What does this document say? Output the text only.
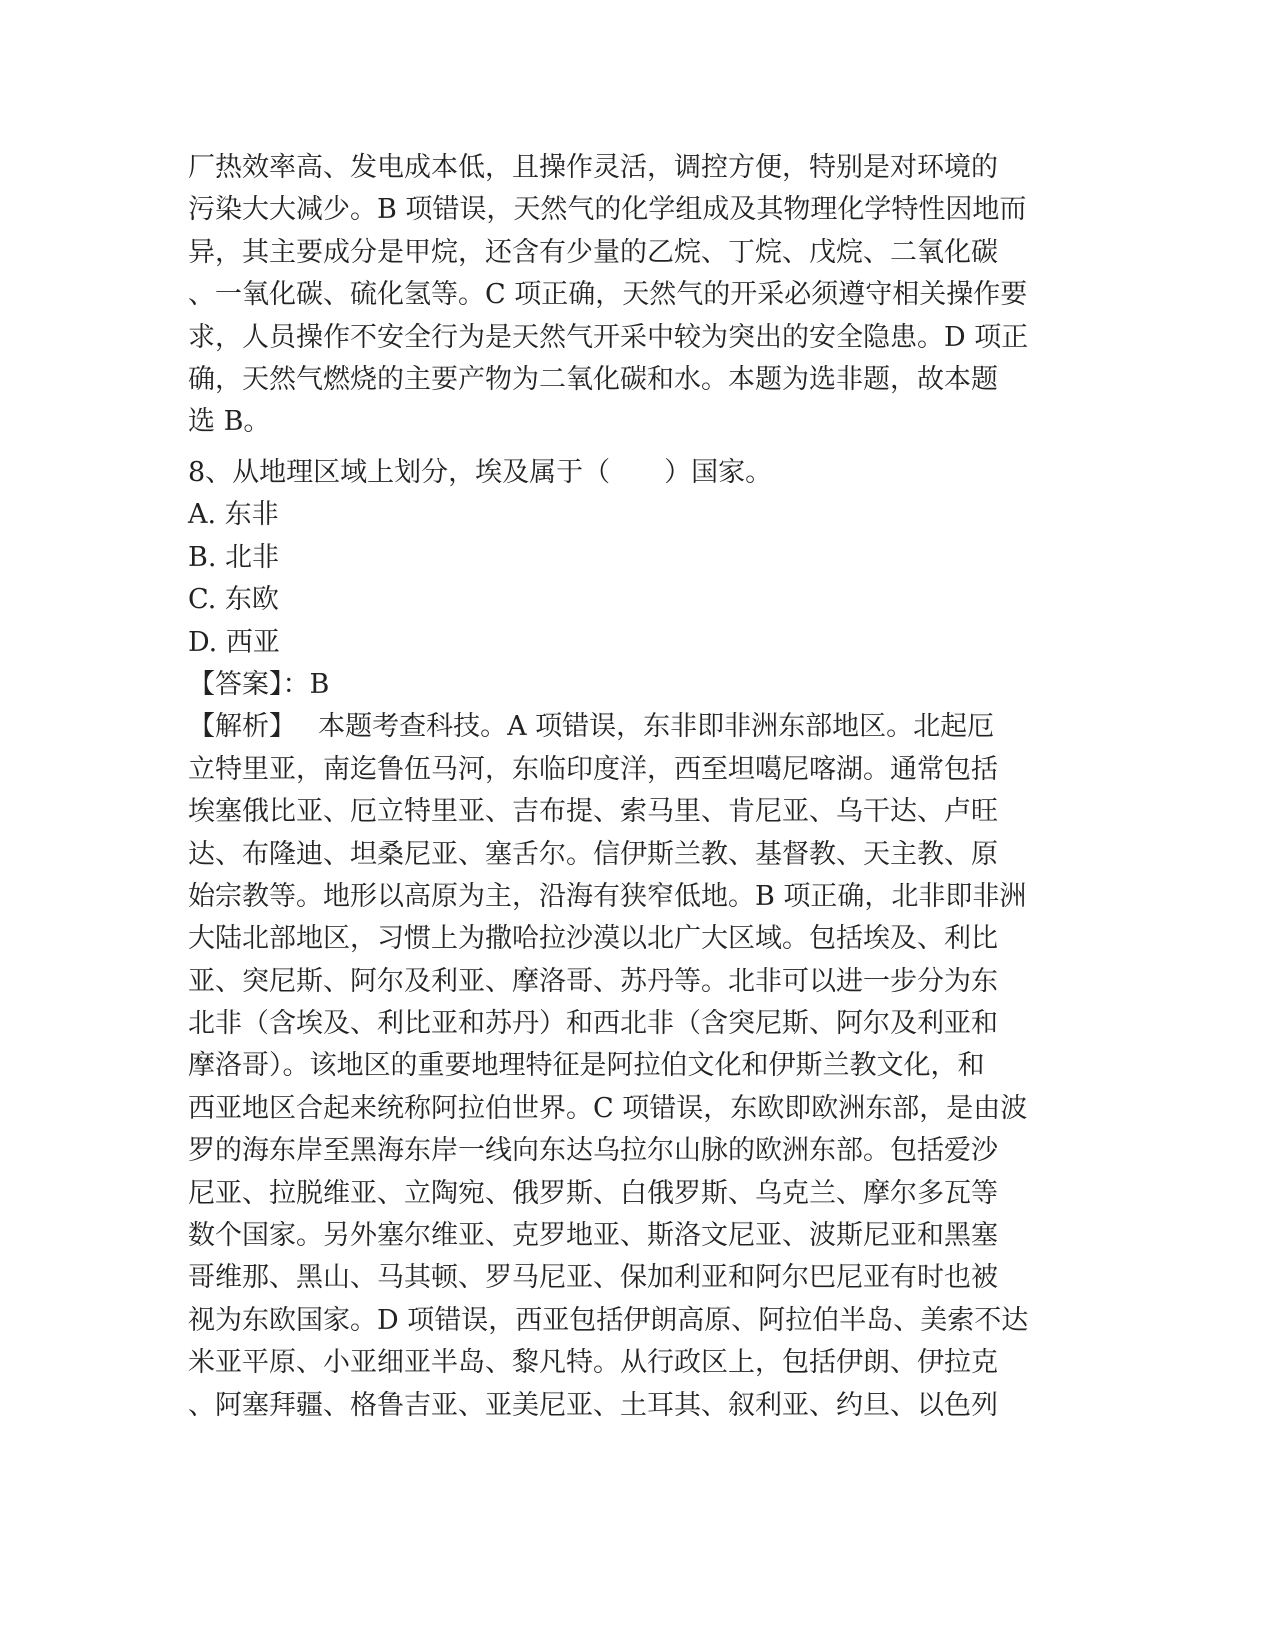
厂热效率高、发电成本低，且操作灵活，调控方便，特别是对环境的
污染大大减少。B 项错误，天然气的化学组成及其物理化学特性因地而
异，其主要成分是甲烷，还含有少量的乙烷、丁烷、戊烷、二氧化碳
、一氧化碳、硫化氢等。C 项正确，天然气的开采必须遵守相关操作要
求，人员操作不安全行为是天然气开采中较为突出的安全隐患。D 项正
确，天然气燃烧的主要产物为二氧化碳和水。本题为选非题，故本题
选 B。
8、从地理区域上划分，埃及属于（　　）国家。
A. 东非
B. 北非
C. 东欧
D. 西亚
【答案】：B
【解析】　 本题考查科技。A 项错误，东非即非洲东部地区。北起厄
立特里亚，南迄鲁伍马河，东临印度洋，西至坦噶尼喀湖。通常包括
埃塞俄比亚、厄立特里亚、吉布提、索马里、肯尼亚、乌干达、卢旺
达、布隆迪、坦桑尼亚、塞舌尔。信伊斯兰教、基督教、天主教、原
始宗教等。地形以高原为主，沿海有狭窄低地。B 项正确，北非即非洲
大陆北部地区，习惯上为撒哈拉沙漠以北广大区域。包括埃及、利比
亚、突尼斯、阿尔及利亚、摩洛哥、苏丹等。北非可以进一步分为东
北非（含埃及、利比亚和苏丹）和西北非（含突尼斯、阿尔及利亚和
摩洛哥）。该地区的重要地理特征是阿拉伯文化和伊斯兰教文化，和
西亚地区合起来统称阿拉伯世界。C 项错误，东欧即欧洲东部，是由波
罗的海东岸至黑海东岸一线向东达乌拉尔山脉的欧洲东部。包括爱沙
尼亚、拉脱维亚、立陶宛、俄罗斯、白俄罗斯、乌克兰、摩尔多瓦等
数个国家。另外塞尔维亚、克罗地亚、斯洛文尼亚、波斯尼亚和黑塞
哥维那、黑山、马其顿、罗马尼亚、保加利亚和阿尔巴尼亚有时也被
视为东欧国家。D 项错误，西亚包括伊朗高原、阿拉伯半岛、美索不达
米亚平原、小亚细亚半岛、黎凡特。从行政区上，包括伊朗、伊拉克
、阿塞拜疆、格鲁吉亚、亚美尼亚、土耳其、叙利亚、约旦、以色列
